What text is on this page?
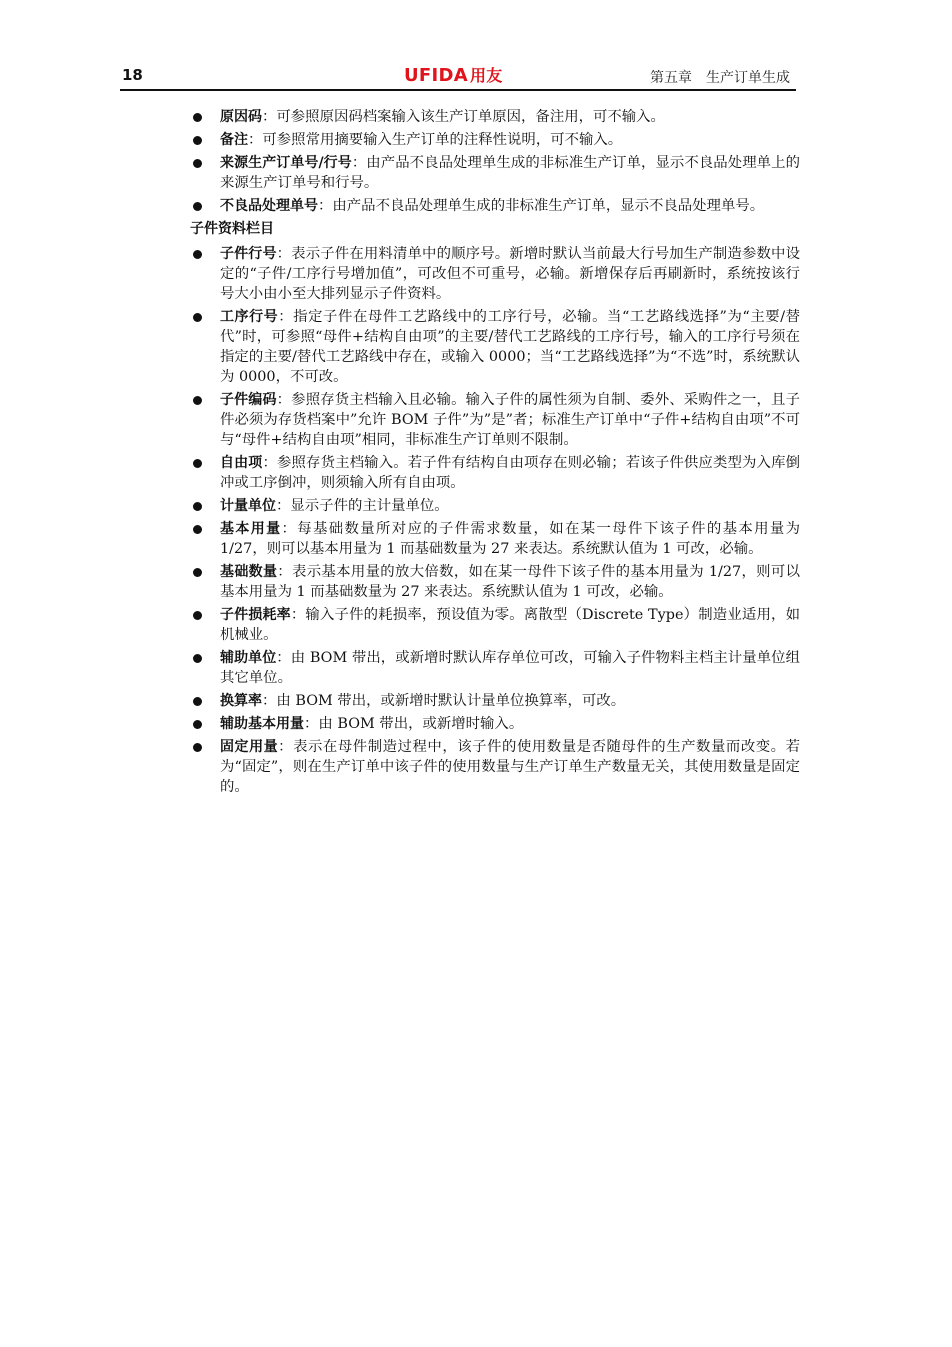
18	UFIDA 用友	第五章　生产订单生成
原因码：可参照原因码档案输入该生产订单原因，备注用，可不输入。
备注：可参照常用摘要输入生产订单的注释性说明，可不输入。
来源生产订单号/行号：由产品不良品处理单生成的非标准生产订单，显示不良品处理单上的来源生产订单号和行号。
不良品处理单号：由产品不良品处理单生成的非标准生产订单，显示不良品处理单号。
子件资料栏目
子件行号：表示子件在用料清单中的顺序号。新增时默认当前最大行号加生产制造参数中设定的“子件/工序行号增加值”，可改但不可重号，必输。新增保存后再刷新时，系统按该行号大小由小至大排列显示子件资料。
工序行号：指定子件在母件工艺路线中的工序行号，必输。当“工艺路线选择”为“主要/替代”时，可参照“母件+结构自由项”的主要/替代工艺路线的工序行号，输入的工序行号须在指定的主要/替代工艺路线中存在，或输入 0000；当“工艺路线选择”为“不选”时，系统默认为 0000，不可改。
子件编码：参照存货主档输入且必输。输入子件的属性须为自制、委外、采购件之一，且子件必须为存货档案中”允许 BOM 子件”为”是”者；标准生产订单中“子件+结构自由项”不可与“母件+结构自由项”相同，非标准生产订单则不限制。
自由项：参照存货主档输入。若子件有结构自由项存在则必输；若该子件供应类型为入库倒冲或工序倒冲，则须输入所有自由项。
计量单位：显示子件的主计量单位。
基本用量：每基础数量所对应的子件需求数量，如在某一母件下该子件的基本用量为 1/27，则可以基本用量为 1 而基础数量为 27 来表达。系统默认值为 1 可改，必输。
基础数量：表示基本用量的放大倍数，如在某一母件下该子件的基本用量为 1/27，则可以基本用量为 1 而基础数量为 27 来表达。系统默认值为 1 可改，必输。
子件损耗率：输入子件的耗损率，预设值为零。离散型（Discrete Type）制造业适用，如机械业。
辅助单位：由 BOM 带出，或新增时默认库存单位可改，可输入子件物料主档主计量单位组其它单位。
换算率：由 BOM 带出，或新增时默认计量单位换算率，可改。
辅助基本用量：由 BOM 带出，或新增时输入。
固定用量：表示在母件制造过程中，该子件的使用数量是否随母件的生产数量而改变。若为“固定”，则在生产订单中该子件的使用数量与生产订单生产数量无关，其使用数量是固定的。
